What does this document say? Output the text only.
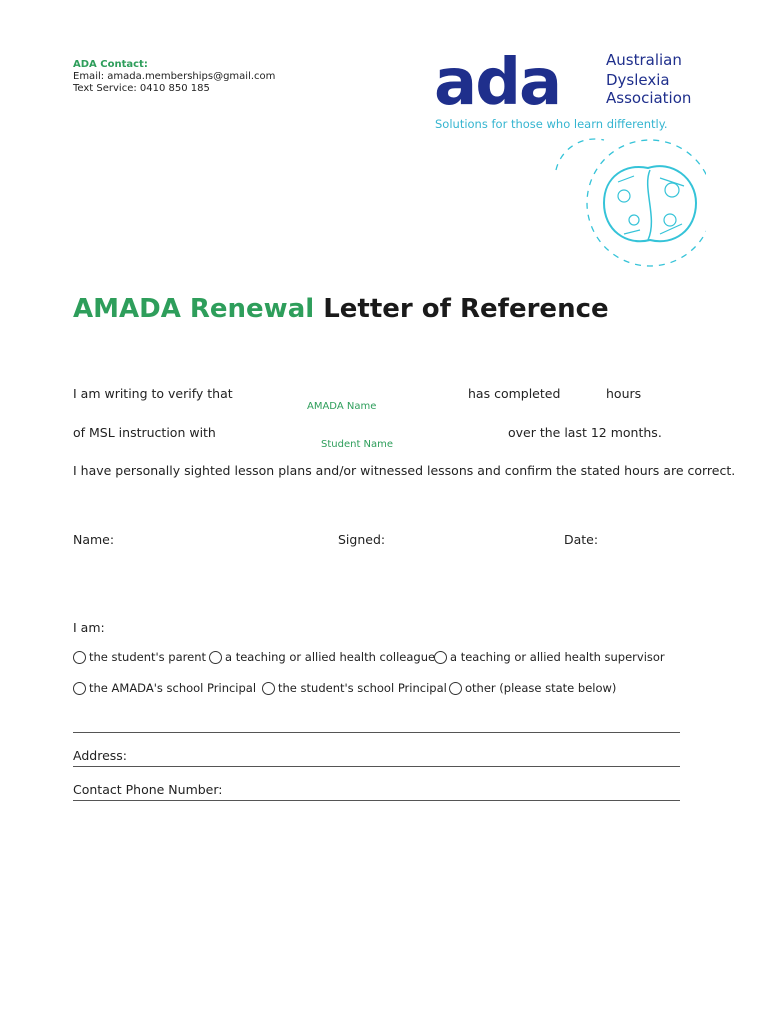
ADA Contact:
Email: amada.memberships@gmail.com
Text Service: 0410 850 185	ada	Australian
Dyslexia
Association
Solutions for those who learn differently.
AMADA Renewal Letter of Reference
I am writing to verify that
AMADA Name
has completed	hours
of MSL instruction with
Student Name
over the last 12 months.
I have personally sighted lesson plans and/or witnessed lessons and confirm the stated hours are correct.
Name:	Signed:	Date:
I am:
the student's parent a teaching or allied health colleague a teaching or allied health supervisor
the AMADA's school Principal the student's school Principal other (please state below)
Address:
Contact Phone Number:
